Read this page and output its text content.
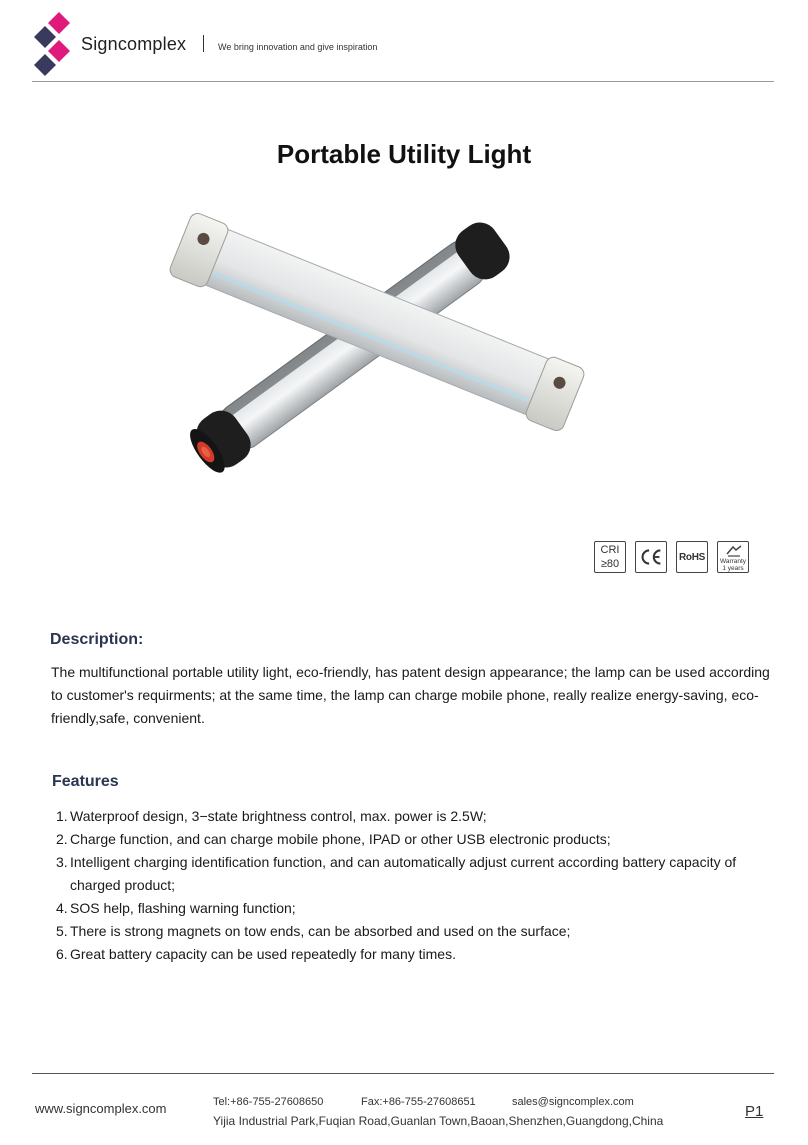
Signcomplex	We bring innovation and give inspiration
Portable Utility Light
CRI
≥80
RoHS	Warranty
1 years
Description:

The multifunctional portable utility light, eco-friendly, has patent design appearance; the lamp can be used according to customer's requirments; at the same time, the lamp can charge mobile phone, really realize energy-saving, eco-friendly,safe, convenient.

Features
1. Waterproof design, 3−state brightness control, max. power is 2.5W;
2. Charge function, and can charge mobile phone, IPAD or other USB electronic products;
3. Intelligent charging identification function, and can automatically adjust current according battery capacity of charged product;
4. SOS help, flashing warning function;
5. There is strong magnets on tow ends, can be absorbed and used on the surface;
6. Great battery capacity can be used repeatedly for many times.
www.signcomplex.com	Tel:+86-755-27608650	Fax:+86-755-27608651	sales@signcomplex.com
Yijia Industrial Park,Fuqian Road,Guanlan Town,Baoan,Shenzhen,Guangdong,China
P1
